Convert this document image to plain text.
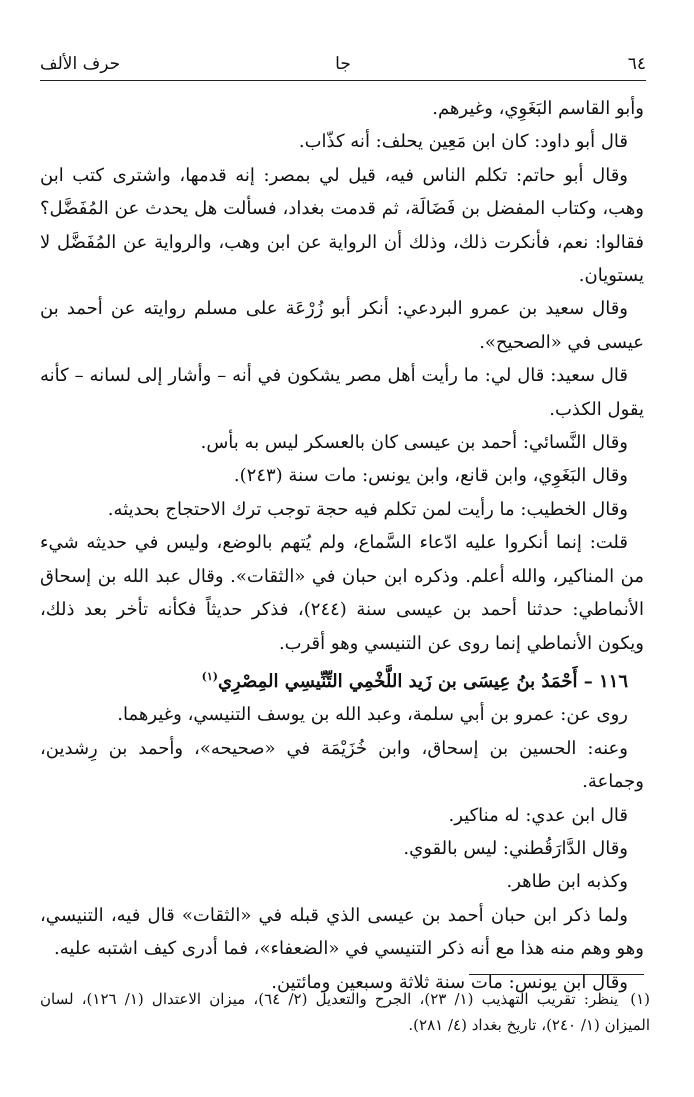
٦٤
جا
حرف الألف

وأبو القاسم البَغَوِي، وغيرهم.

قال أبو داود: كان ابن مَعِين يحلف: أنه كذّاب.

وقال أبو حاتم: تكلم الناس فيه، قيل لي بمصر: إنه قدمها، واشترى كتب ابن وهب، وكتاب المفضل بن فَضَالَة، ثم قدمت بغداد، فسألت هل يحدث عن المُفَضَّل؟ فقالوا: نعم، فأنكرت ذلك، وذلك أن الرواية عن ابن وهب، والرواية عن المُفَضَّل لا يستويان.

وقال سعيد بن عمرو البردعي: أنكر أبو زُرْعَة على مسلم روايته عن أحمد بن عيسى في «الصحيح».

قال سعيد: قال لي: ما رأيت أهل مصر يشكون في أنه – وأشار إلى لسانه – كأنه يقول الكذب.

وقال النَّسائي: أحمد بن عيسى كان بالعسكر ليس به بأس.

وقال البَغَوِي، وابن قانع، وابن يونس: مات سنة (٢٤٣).

وقال الخطيب: ما رأيت لمن تكلم فيه حجة توجب ترك الاحتجاج بحديثه.

قلت: إنما أنكروا عليه ادّعاء السَّماع، ولم يُتهم بالوضع، وليس في حديثه شيء من المناكير، والله أعلم. وذكره ابن حبان في «الثقات». وقال عبد الله بن إسحاق الأنماطي: حدثنا أحمد بن عيسى سنة (٢٤٤)، فذكر حديثاً فكأنه تأخر بعد ذلك، ويكون الأنماطي إنما روى عن التنيسي وهو أقرب.

١١٦ – أَحْمَدُ بنُ عِيسَى بن زَيد اللَّخْمِي التِّنِّيسِي المِصْرِي$^{(١)}$

روى عن: عمرو بن أبي سلمة، وعبد الله بن يوسف التنيسي، وغيرهما.

وعنه: الحسين بن إسحاق، وابن خُزَيْمَة في «صحيحه»، وأحمد بن رِشدين، وجماعة.

قال ابن عدي: له مناكير.

وقال الدَّارَقُطني: ليس بالقوي.

وكذبه ابن طاهر.

ولما ذكر ابن حبان أحمد بن عيسى الذي قبله في «الثقات» قال فيه، التنيسي، وهو وهم منه هذا مع أنه ذكر التنيسي في «الضعفاء»، فما أدرى كيف اشتبه عليه.

وقال ابن يونس: مات سنة ثلاثة وسبعين ومائتين.

(١)ينظر: تقريب التهذيب (١/ ٢٣)، الجرح والتعديل (٢/ ٦٤)، ميزان الاعتدال (١/ ١٢٦)، لسان الميزان (١/ ٢٤٠)، تاريخ بغداد (٤/ ٢٨١).
